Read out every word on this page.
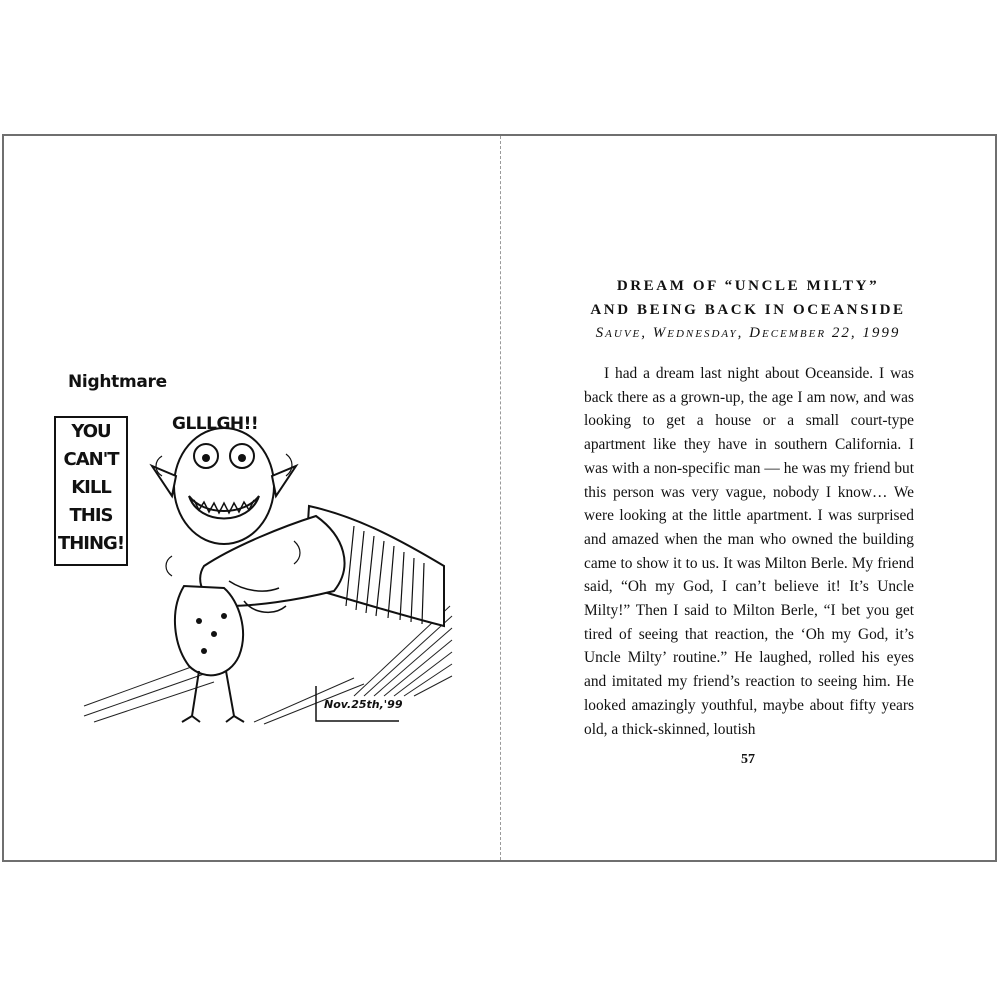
Nightmare
YOU
CAN'T
KILL
THIS
THING!
GLLLGH!!
Nov.25th,'99
DREAM OF “UNCLE MILTY”
AND BEING BACK IN OCEANSIDE
Sauve, Wednesday, December 22, 1999

I had a dream last night about Oceanside. I was back there as a grown-up, the age I am now, and was looking to get a house or a small court-type apartment like they have in southern California. I was with a non-specific man — he was my friend but this person was very vague, nobody I know… We were looking at the little apartment. I was surprised and amazed when the man who owned the building came to show it to us. It was Milton Berle. My friend said, “Oh my God, I can’t believe it! It’s Uncle Milty!” Then I said to Milton Berle, “I bet you get tired of seeing that reaction, the ‘Oh my God, it’s Uncle Milty’ routine.” He laughed, rolled his eyes and imitated my friend’s reaction to seeing him. He looked amazingly youthful, maybe about fifty years old, a thick-skinned, loutish

57
